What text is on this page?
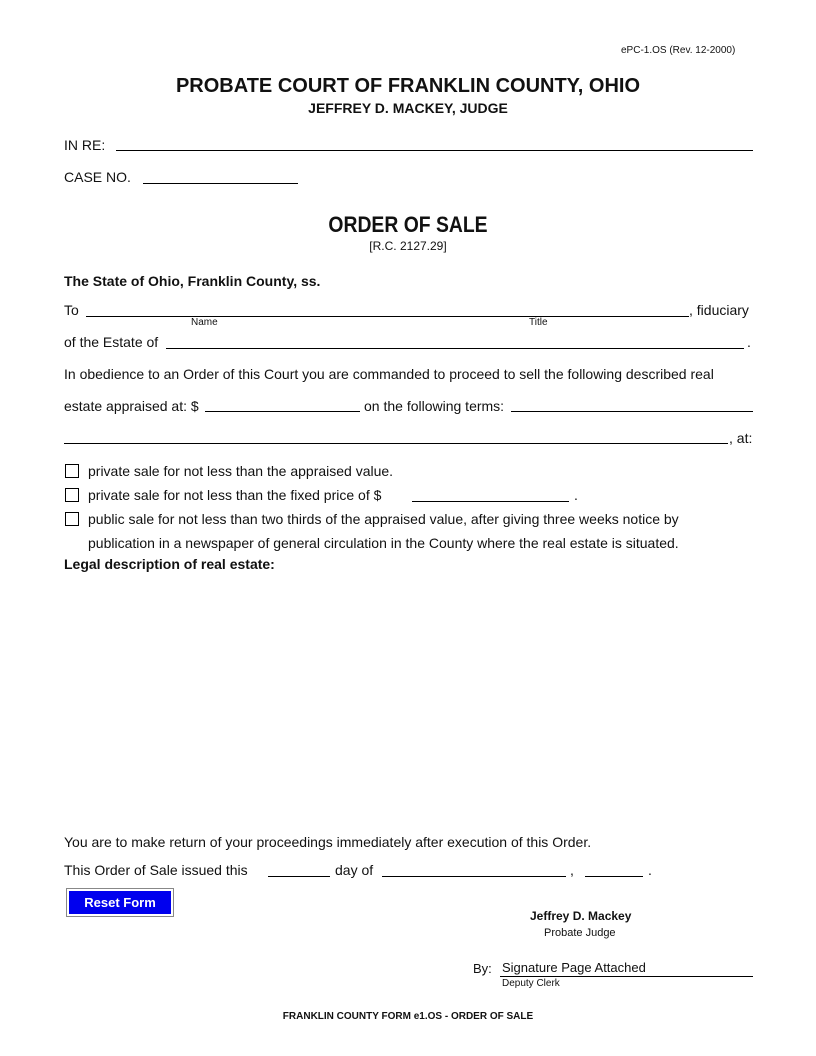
ePC-1.OS (Rev. 12-2000)
PROBATE COURT OF FRANKLIN COUNTY, OHIO
JEFFREY D. MACKEY, JUDGE
IN RE:
CASE NO.
ORDER OF SALE
[R.C. 2127.29]
The State of Ohio, Franklin County, ss.
To	, fiduciary
Name	Title
of the Estate of	.
In obedience to an Order of this Court you are commanded to proceed to sell the following described real
estate appraised at: $	on the following terms:
, at:
private sale for not less than the appraised value.
private sale for not less than the fixed price of $	.
public sale for not less than two thirds of the appraised value, after giving three weeks notice by
publication in a newspaper of general circulation in the County where the real estate is situated.
Legal description of real estate:
You are to make return of your proceedings immediately after execution of this Order.
This Order of Sale issued this	day of	,	.
Reset Form
Jeffrey D. Mackey
Probate Judge
By: Signature Page Attached
Deputy Clerk
FRANKLIN COUNTY FORM e1.OS - ORDER OF SALE
